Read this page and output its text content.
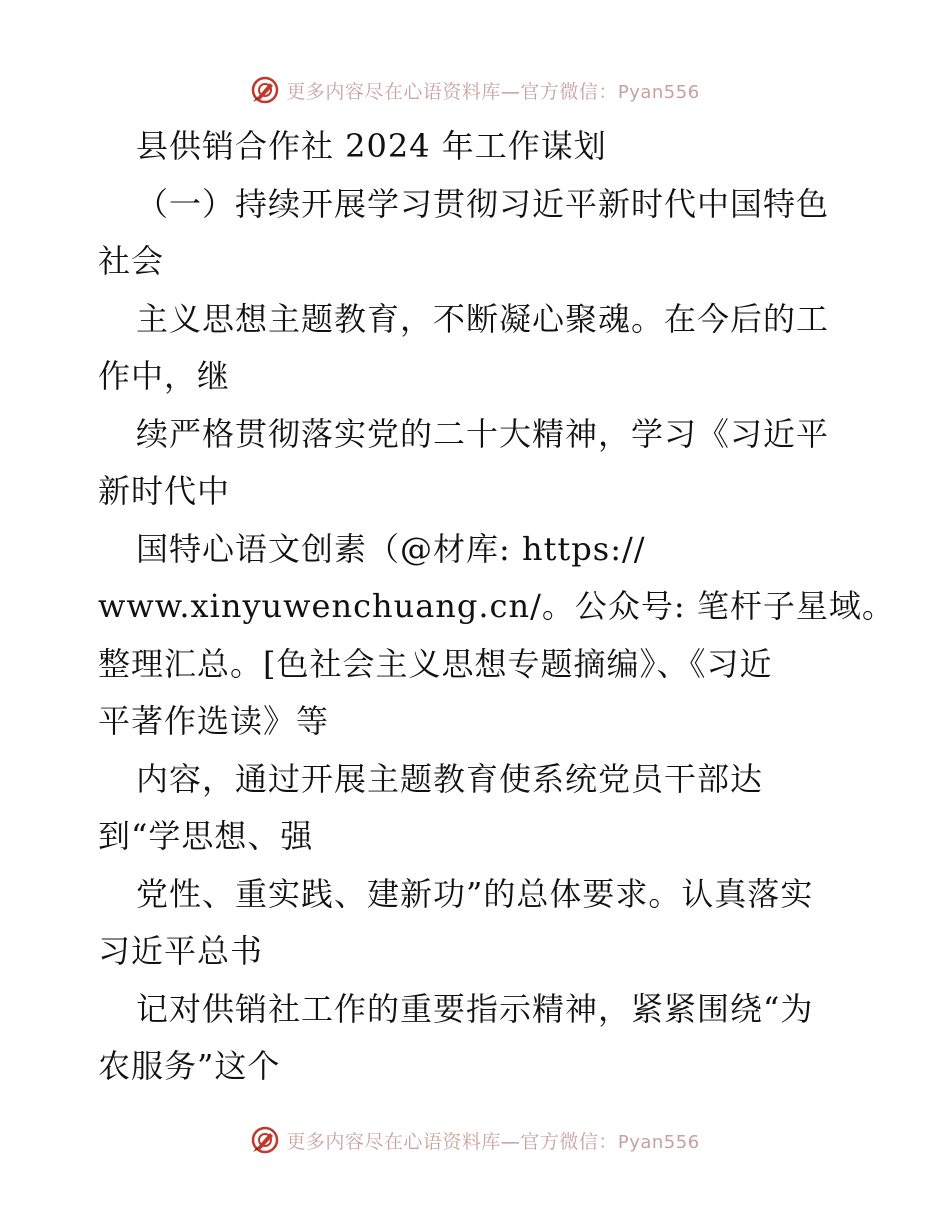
更多内容尽在心语资料库—官方微信：Pyan556
县供销合作社 2024 年工作谋划
（一）持续开展学习贯彻习近平新时代中国特色
社会
主义思想主题教育，不断凝心聚魂。在今后的工
作中，继
续严格贯彻落实党的二十大精神，学习《习近平
新时代中
国特心语文创素（@材库: https://
www.xinyuwenchuang.cn/。公众号: 笔杆子星域。
整理汇总。[色社会主义思想专题摘编》、《习近
平著作选读》等
内容，通过开展主题教育使系统党员干部达
到“学思想、强
党性、重实践、建新功”的总体要求。认真落实
习近平总书
记对供销社工作的重要指示精神，紧紧围绕“为
农服务”这个
更多内容尽在心语资料库—官方微信：Pyan556
